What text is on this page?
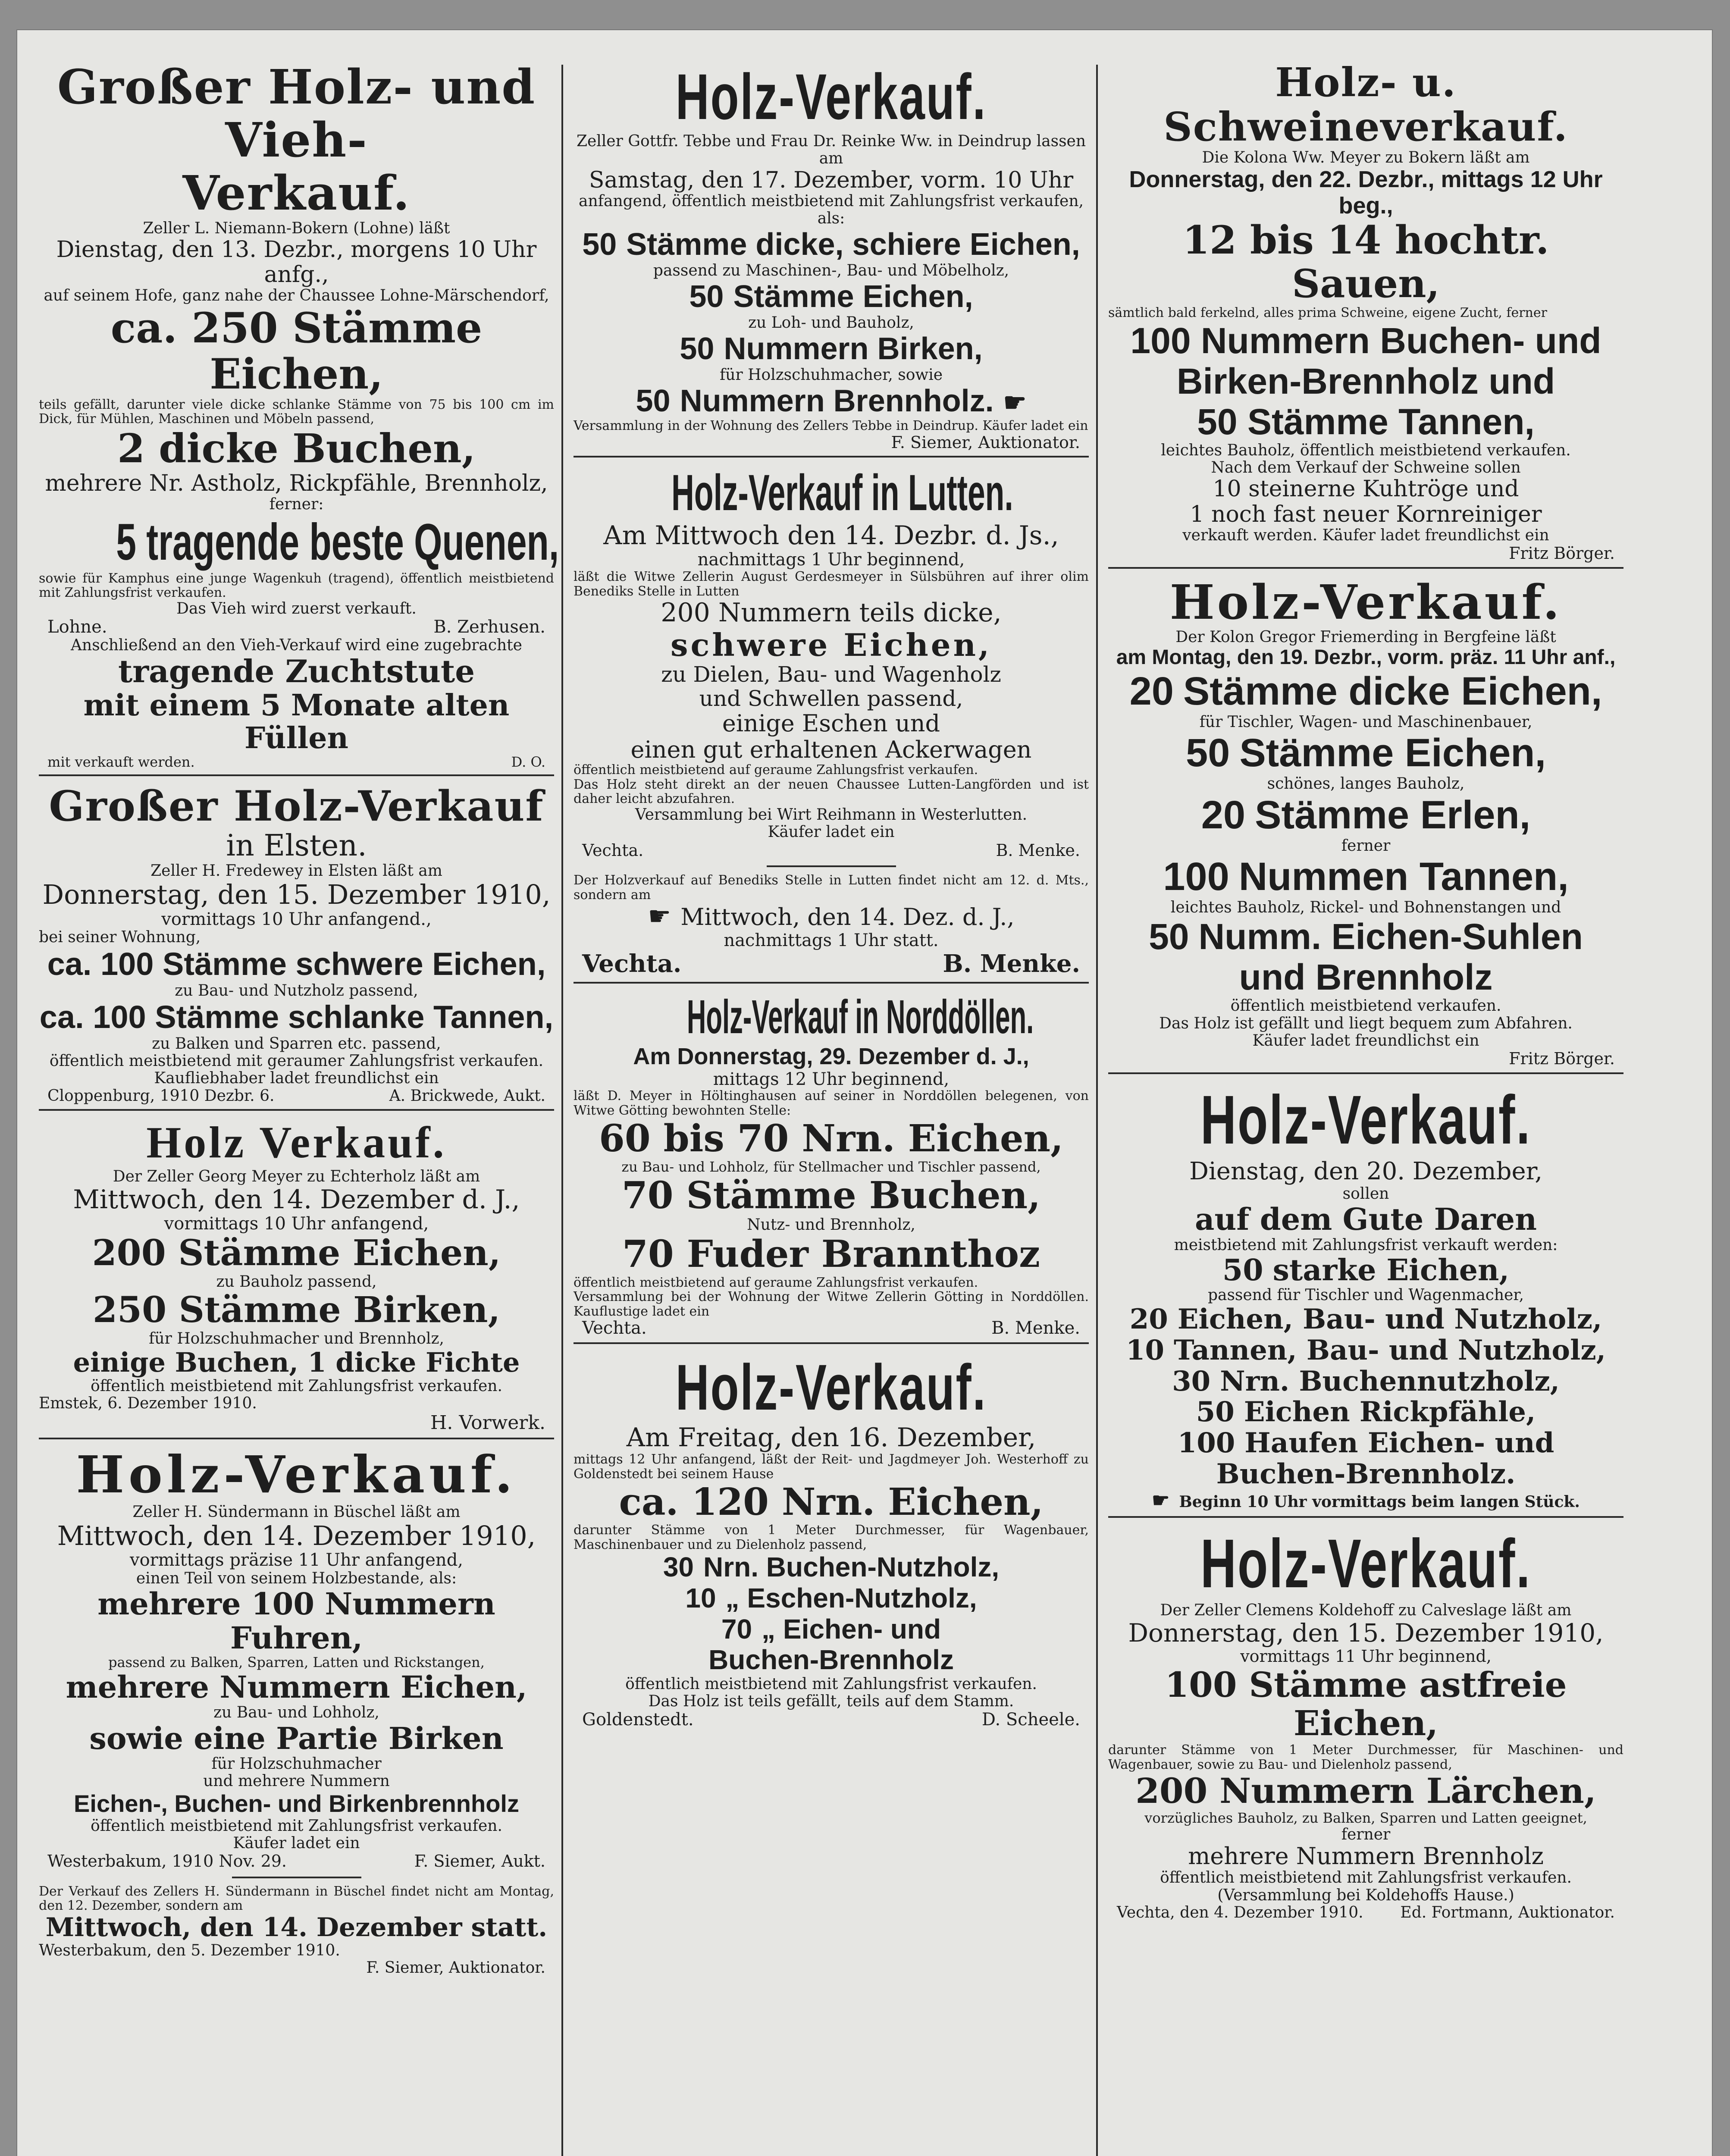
Großer Holz- und Vieh-
Verkauf.
Zeller L. Niemann-Bokern (Lohne) läßt
Dienstag, den 13. Dezbr., morgens 10 Uhr anfg.,
auf seinem Hofe, ganz nahe der Chaussee Lohne-Märschendorf,
ca. 250 Stämme Eichen,
teils gefällt, darunter viele dicke schlanke Stämme von 75 bis 100 cm im Dick, für Mühlen, Maschinen und Möbeln passend,
2 dicke Buchen,
mehrere Nr. Astholz, Rickpfähle, Brennholz,
ferner:
5 tragende beste Quenen,
sowie für Kamphus eine junge Wagenkuh (tragend), öffentlich meistbietend mit Zahlungsfrist verkaufen.
Das Vieh wird zuerst verkauft.
Lohne.	B. Zerhusen.
Anschließend an den Vieh-Verkauf wird eine zugebrachte
tragende Zuchtstute
mit einem 5 Monate alten Füllen
mit verkauft werden.	D. O.
Großer Holz-Verkauf
in Elsten.
Zeller H. Fredewey in Elsten läßt am
Donnerstag, den 15. Dezember 1910,
vormittags 10 Uhr anfangend.,
bei seiner Wohnung,
ca. 100 Stämme schwere Eichen,
zu Bau- und Nutzholz passend,
ca. 100 Stämme schlanke Tannen,
zu Balken und Sparren etc. passend,
öffentlich meistbietend mit geraumer Zahlungsfrist verkaufen.
Kaufliebhaber ladet freundlichst ein
Cloppenburg, 1910 Dezbr. 6.	A. Brickwede, Aukt.
Holz Verkauf.
Der Zeller Georg Meyer zu Echterholz läßt am
Mittwoch, den 14. Dezember d. J.,
vormittags 10 Uhr anfangend,
200 Stämme Eichen,
zu Bauholz passend,
250 Stämme Birken,
für Holzschuhmacher und Brennholz,
einige Buchen, 1 dicke Fichte
öffentlich meistbietend mit Zahlungsfrist verkaufen.
Emstek, 6. Dezember 1910.
H. Vorwerk.
Holz-Verkauf.
Zeller H. Sündermann in Büschel läßt am
Mittwoch, den 14. Dezember 1910,
vormittags präzise 11 Uhr anfangend,
einen Teil von seinem Holzbestande, als:
mehrere 100 Nummern Fuhren,
passend zu Balken, Sparren, Latten und Rickstangen,
mehrere Nummern Eichen,
zu Bau- und Lohholz,
sowie eine Partie Birken
für Holzschuhmacher
und mehrere Nummern
Eichen-, Buchen- und Birkenbrennholz
öffentlich meistbietend mit Zahlungsfrist verkaufen.
Käufer ladet ein
Westerbakum, 1910 Nov. 29.	F. Siemer, Aukt.
Der Verkauf des Zellers H. Sündermann in Büschel findet nicht am Montag, den 12. Dezember, sondern am
Mittwoch, den 14. Dezember statt.
Westerbakum, den 5. Dezember 1910.
F. Siemer, Auktionator.
Holz-Verkauf.
Zeller Gottfr. Tebbe und Frau Dr. Reinke Ww. in Deindrup lassen am
Samstag, den 17. Dezember, vorm. 10 Uhr
anfangend, öffentlich meistbietend mit Zahlungsfrist verkaufen, als:
50 Stämme dicke, schiere Eichen,
passend zu Maschinen-, Bau- und Möbelholz,
50 Stämme Eichen,
zu Loh- und Bauholz,
50 Nummern Birken,
für Holzschuhmacher, sowie
50 Nummern Brennholz. ☛
Versammlung in der Wohnung des Zellers Tebbe in Deindrup. Käufer ladet ein
F. Siemer, Auktionator.
Holz-Verkauf in Lutten.
Am Mittwoch den 14. Dezbr. d. Js.,
nachmittags 1 Uhr beginnend,
läßt die Witwe Zellerin August Gerdesmeyer in Sülsbühren auf ihrer olim Benediks Stelle in Lutten
200 Nummern teils dicke,
schwere Eichen,
zu Dielen, Bau- und Wagenholz
und Schwellen passend,
einige Eschen und
einen gut erhaltenen Ackerwagen
öffentlich meistbietend auf geraume Zahlungsfrist verkaufen.
Das Holz steht direkt an der neuen Chaussee Lutten-Langförden und ist daher leicht abzufahren.
Versammlung bei Wirt Reihmann in Westerlutten.
Käufer ladet ein
Vechta.	B. Menke.
Der Holzverkauf auf Benediks Stelle in Lutten findet nicht am 12. d. Mts., sondern am
☛ Mittwoch, den 14. Dez. d. J.,
nachmittags 1 Uhr statt.
Vechta.	B. Menke.
Holz-Verkauf in Norddöllen.
Am Donnerstag, 29. Dezember d. J.,
mittags 12 Uhr beginnend,
läßt D. Meyer in Höltinghausen auf seiner in Norddöllen belegenen, von Witwe Götting bewohnten Stelle:
60 bis 70 Nrn. Eichen,
zu Bau- und Lohholz, für Stellmacher und Tischler passend,
70 Stämme Buchen,
Nutz- und Brennholz,
70 Fuder Brannthoz
öffentlich meistbietend auf geraume Zahlungsfrist verkaufen.
Versammlung bei der Wohnung der Witwe Zellerin Götting in Norddöllen. Kauflustige ladet ein
Vechta.	B. Menke.
Holz-Verkauf.
Am Freitag, den 16. Dezember,
mittags 12 Uhr anfangend, läßt der Reit- und Jagdmeyer Joh. Westerhoff zu Goldenstedt bei seinem Hause
ca. 120 Nrn. Eichen,
darunter Stämme von 1 Meter Durchmesser, für Wagenbauer, Maschinenbauer und zu Dielenholz passend,
30 Nrn. Buchen-Nutzholz,
10 „ Eschen-Nutzholz,
70 „ Eichen- und
Buchen-Brennholz
öffentlich meistbietend mit Zahlungsfrist verkaufen.
Das Holz ist teils gefällt, teils auf dem Stamm.
Goldenstedt.	D. Scheele.
Holz- u. Schweineverkauf.
Die Kolona Ww. Meyer zu Bokern läßt am
Donnerstag, den 22. Dezbr., mittags 12 Uhr beg.,
12 bis 14 hochtr. Sauen,
sämtlich bald ferkelnd, alles prima Schweine, eigene Zucht, ferner
100 Nummern Buchen- und
Birken-Brennholz und
50 Stämme Tannen,
leichtes Bauholz, öffentlich meistbietend verkaufen.
Nach dem Verkauf der Schweine sollen
10 steinerne Kuhtröge und
1 noch fast neuer Kornreiniger
verkauft werden. Käufer ladet freundlichst ein
Fritz Börger.
Holz-Verkauf.
Der Kolon Gregor Friemerding in Bergfeine läßt
am Montag, den 19. Dezbr., vorm. präz. 11 Uhr anf.,
20 Stämme dicke Eichen,
für Tischler, Wagen- und Maschinenbauer,
50 Stämme Eichen,
schönes, langes Bauholz,
20 Stämme Erlen,
ferner
100 Nummen Tannen,
leichtes Bauholz, Rickel- und Bohnenstangen und
50 Numm. Eichen-Suhlen
und Brennholz
öffentlich meistbietend verkaufen.
Das Holz ist gefällt und liegt bequem zum Abfahren.
Käufer ladet freundlichst ein
Fritz Börger.
Holz-Verkauf.
Dienstag, den 20. Dezember,
sollen
auf dem Gute Daren
meistbietend mit Zahlungsfrist verkauft werden:
50 starke Eichen,
passend für Tischler und Wagenmacher,
20 Eichen, Bau- und Nutzholz,
10 Tannen, Bau- und Nutzholz,
30 Nrn. Buchennutzholz,
50 Eichen Rickpfähle,
100 Haufen Eichen- und
Buchen-Brennholz.
☛ Beginn 10 Uhr vormittags beim langen Stück.
Holz-Verkauf.
Der Zeller Clemens Koldehoff zu Calveslage läßt am
Donnerstag, den 15. Dezember 1910,
vormittags 11 Uhr beginnend,
100 Stämme astfreie
Eichen,
darunter Stämme von 1 Meter Durchmesser, für Maschinen- und Wagenbauer, sowie zu Bau- und Dielenholz passend,
200 Nummern Lärchen,
vorzügliches Bauholz, zu Balken, Sparren und Latten geeignet,
ferner
mehrere Nummern Brennholz
öffentlich meistbietend mit Zahlungsfrist verkaufen.
(Versammlung bei Koldehoffs Hause.)
Vechta, den 4. Dezember 1910. Ed. Fortmann, Auktionator.
